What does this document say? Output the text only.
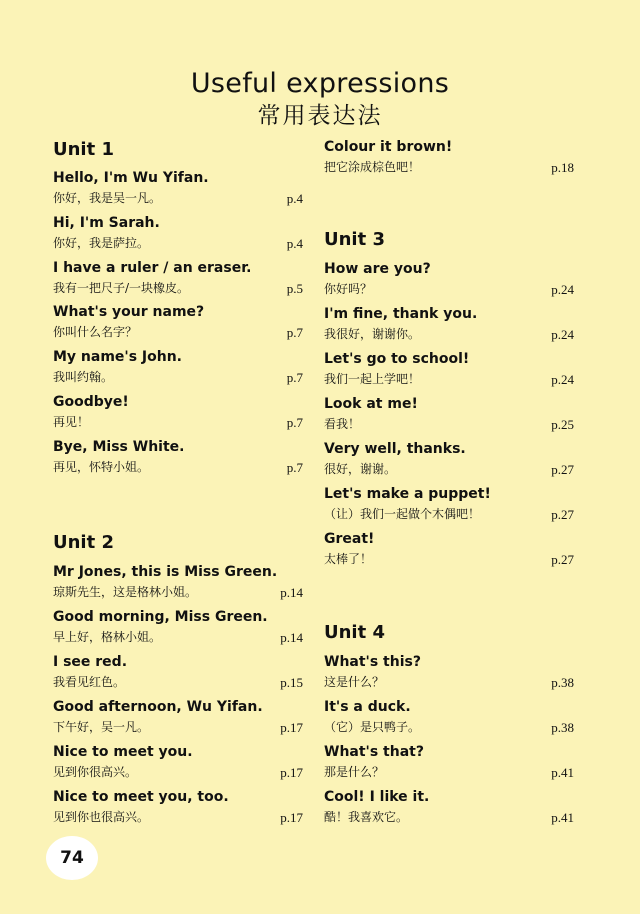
Useful expressions
常用表达法
Unit 1
Hello, I'm Wu Yifan.
你好，我是吴一凡。	p.4
Hi, I'm Sarah.
你好，我是萨拉。	p.4
I have a ruler / an eraser.
我有一把尺子/一块橡皮。	p.5
What's your name?
你叫什么名字？	p.7
My name's John.
我叫约翰。	p.7
Goodbye!
再见！	p.7
Bye, Miss White.
再见，怀特小姐。	p.7
Unit 2
Mr Jones, this is Miss Green.
琼斯先生，这是格林小姐。	p.14
Good morning, Miss Green.
早上好，格林小姐。	p.14
I see red.
我看见红色。	p.15
Good afternoon, Wu Yifan.
下午好，吴一凡。	p.17
Nice to meet you.
见到你很高兴。	p.17
Nice to meet you, too.
见到你也很高兴。	p.17
Colour it brown!
把它涂成棕色吧！	p.18
Unit 3
How are you?
你好吗？	p.24
I'm fine, thank you.
我很好，谢谢你。	p.24
Let's go to school!
我们一起上学吧！	p.24
Look at me!
看我！	p.25
Very well, thanks.
很好，谢谢。	p.27
Let's make a puppet!
（让）我们一起做个木偶吧！	p.27
Great!
太棒了！	p.27
Unit 4
What's this?
这是什么？	p.38
It's a duck.
（它）是只鸭子。	p.38
What's that?
那是什么？	p.41
Cool! I like it.
酷！我喜欢它。	p.41
74
